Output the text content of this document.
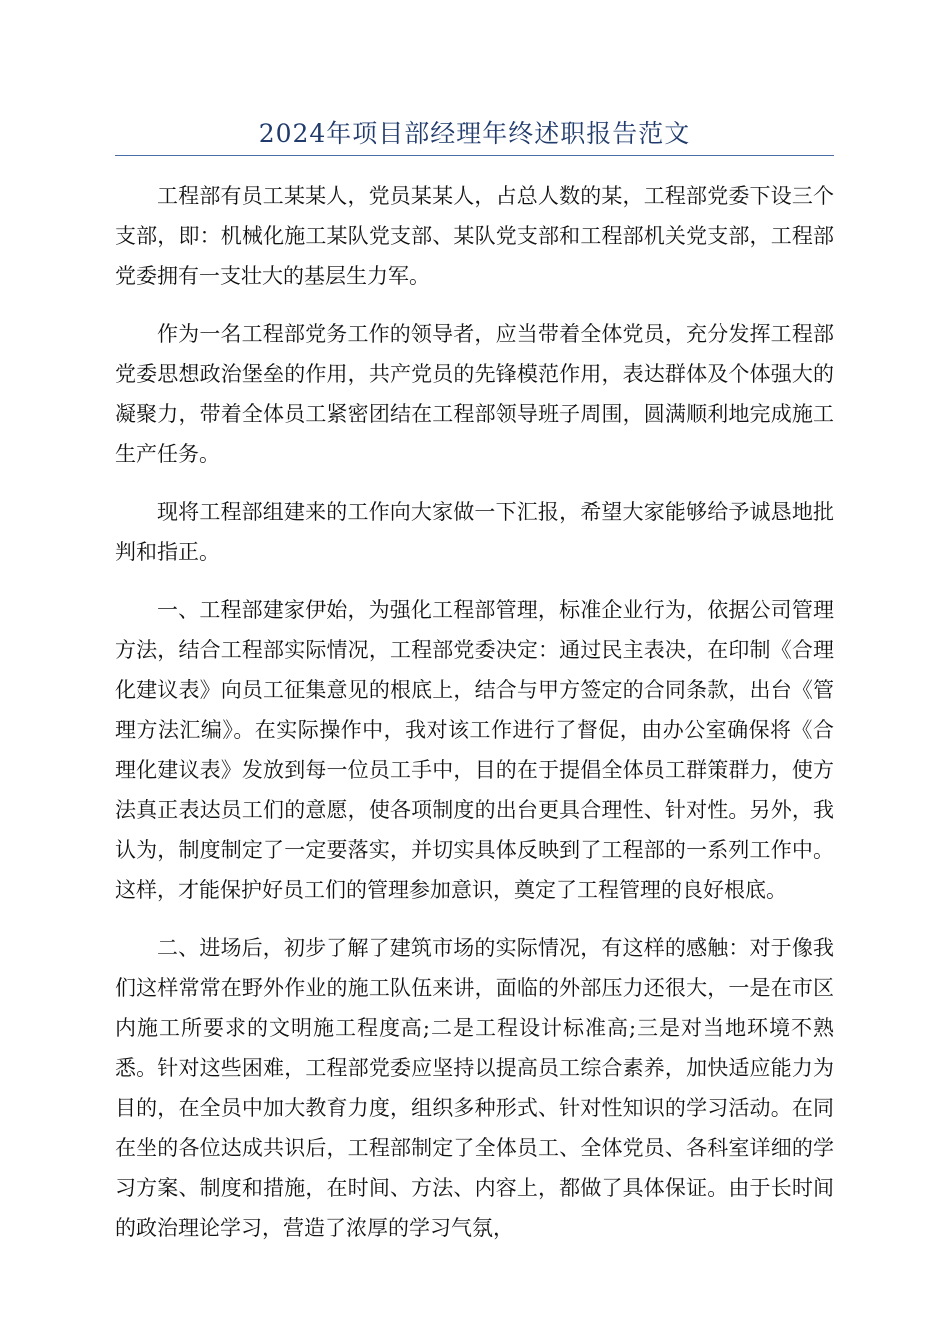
2024年项目部经理年终述职报告范文

工程部有员工某某人，党员某某人，占总人数的某，工程部党委下设三个支部，即：机械化施工某队党支部、某队党支部和工程部机关党支部，工程部党委拥有一支壮大的基层生力军。

作为一名工程部党务工作的领导者，应当带着全体党员，充分发挥工程部党委思想政治堡垒的作用，共产党员的先锋模范作用，表达群体及个体强大的凝聚力，带着全体员工紧密团结在工程部领导班子周围，圆满顺利地完成施工生产任务。

现将工程部组建来的工作向大家做一下汇报，希望大家能够给予诚恳地批判和指正。

一、工程部建家伊始，为强化工程部管理，标准企业行为，依据公司管理方法，结合工程部实际情况，工程部党委决定：通过民主表决，在印制《合理化建议表》向员工征集意见的根底上，结合与甲方签定的合同条款，出台《管理方法汇编》。在实际操作中，我对该工作进行了督促，由办公室确保将《合理化建议表》发放到每一位员工手中，目的在于提倡全体员工群策群力，使方法真正表达员工们的意愿，使各项制度的出台更具合理性、针对性。另外，我认为，制度制定了一定要落实，并切实具体反映到了工程部的一系列工作中。这样，才能保护好员工们的管理参加意识，奠定了工程管理的良好根底。

二、进场后，初步了解了建筑市场的实际情况，有这样的感触：对于像我们这样常常在野外作业的施工队伍来讲，面临的外部压力还很大，一是在市区内施工所要求的文明施工程度高;二是工程设计标准高;三是对当地环境不熟悉。针对这些困难，工程部党委应坚持以提高员工综合素养，加快适应能力为目的，在全员中加大教育力度，组织多种形式、针对性知识的学习活动。在同在坐的各位达成共识后，工程部制定了全体员工、全体党员、各科室详细的学习方案、制度和措施，在时间、方法、内容上，都做了具体保证。由于长时间的政治理论学习，营造了浓厚的学习气氛，
